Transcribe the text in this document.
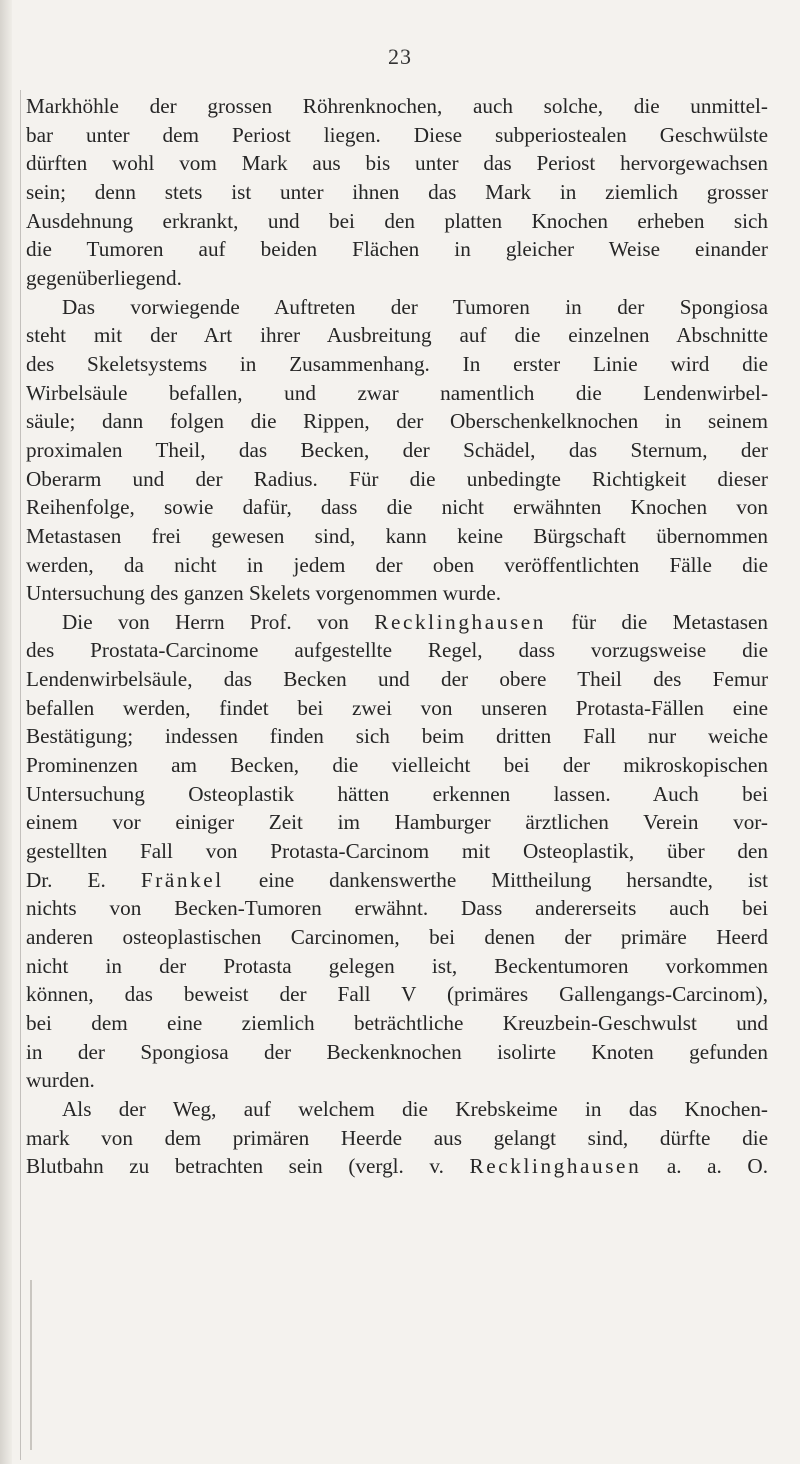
23
Markhöhle der grossen Röhrenknochen, auch solche, die unmittel-
bar unter dem Periost liegen. Diese subperiostealen Geschwülste
dürften wohl vom Mark aus bis unter das Periost hervorgewachsen
sein; denn stets ist unter ihnen das Mark in ziemlich grosser
Ausdehnung erkrankt, und bei den platten Knochen erheben sich
die Tumoren auf beiden Flächen in gleicher Weise einander
gegenüberliegend.
Das vorwiegende Auftreten der Tumoren in der Spongiosa
steht mit der Art ihrer Ausbreitung auf die einzelnen Abschnitte
des Skeletsystems in Zusammenhang. In erster Linie wird die
Wirbelsäule befallen, und zwar namentlich die Lendenwirbel-
säule; dann folgen die Rippen, der Oberschenkelknochen in seinem
proximalen Theil, das Becken, der Schädel, das Sternum, der
Oberarm und der Radius. Für die unbedingte Richtigkeit dieser
Reihenfolge, sowie dafür, dass die nicht erwähnten Knochen von
Metastasen frei gewesen sind, kann keine Bürgschaft übernommen
werden, da nicht in jedem der oben veröffentlichten Fälle die
Untersuchung des ganzen Skelets vorgenommen wurde.
Die von Herrn Prof. von Recklinghausen für die Metastasen
des Prostata-Carcinome aufgestellte Regel, dass vorzugsweise die
Lendenwirbelsäule, das Becken und der obere Theil des Femur
befallen werden, findet bei zwei von unseren Protasta-Fällen eine
Bestätigung; indessen finden sich beim dritten Fall nur weiche
Prominenzen am Becken, die vielleicht bei der mikroskopischen
Untersuchung Osteoplastik hätten erkennen lassen. Auch bei
einem vor einiger Zeit im Hamburger ärztlichen Verein vor-
gestellten Fall von Protasta-Carcinom mit Osteoplastik, über den
Dr. E. Fränkel eine dankenswerthe Mittheilung hersandte, ist
nichts von Becken-Tumoren erwähnt. Dass andererseits auch bei
anderen osteoplastischen Carcinomen, bei denen der primäre Heerd
nicht in der Protasta gelegen ist, Beckentumoren vorkommen
können, das beweist der Fall V (primäres Gallengangs-Carcinom),
bei dem eine ziemlich beträchtliche Kreuzbein-Geschwulst und
in der Spongiosa der Beckenknochen isolirte Knoten gefunden
wurden.
Als der Weg, auf welchem die Krebskeime in das Knochen-
mark von dem primären Heerde aus gelangt sind, dürfte die
Blutbahn zu betrachten sein (vergl. v. Recklinghausen a. a. O.
